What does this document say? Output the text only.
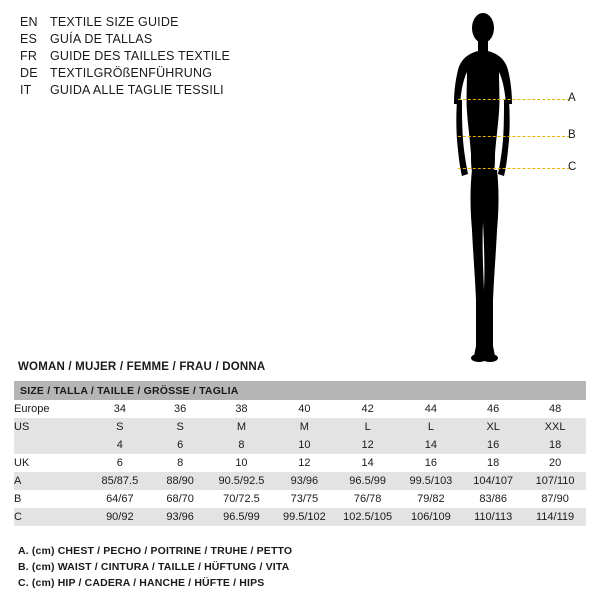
EN TEXTILE SIZE GUIDE
ES	GUÍA DE TALLAS
FR	GUIDE DES TAILLES TEXTILE
DE TEXTILGRÖßENFÜHRUNG
IT	GUIDA ALLE TAGLIE TESSILI
A
B
C
WOMAN / MUJER / FEMME / FRAU / DONNA
SIZE / TALLA / TAILLE / GRÖSSE / TAGLIA								
Europe	34	36	38	40	42	44	46	48
US	S	S	M	M	L	L	XL	XXL
	4	6	8	10	12	14	16	18
UK	6	8	10	12	14	16	18	20
A	85/87.5	88/90	90.5/92.5	93/96	96.5/99	99.5/103	104/107	107/110
B	64/67	68/70	70/72.5	73/75	76/78	79/82	83/86	87/90
C	90/92	93/96	96.5/99	99.5/102	102.5/105	106/109	110/113	114/119
A. (cm) CHEST / PECHO / POITRINE / TRUHE / PETTO
B. (cm) WAIST / CINTURA / TAILLE / HÜFTUNG / VITA
C. (cm) HIP / CADERA / HANCHE / HÜFTE / HIPS
